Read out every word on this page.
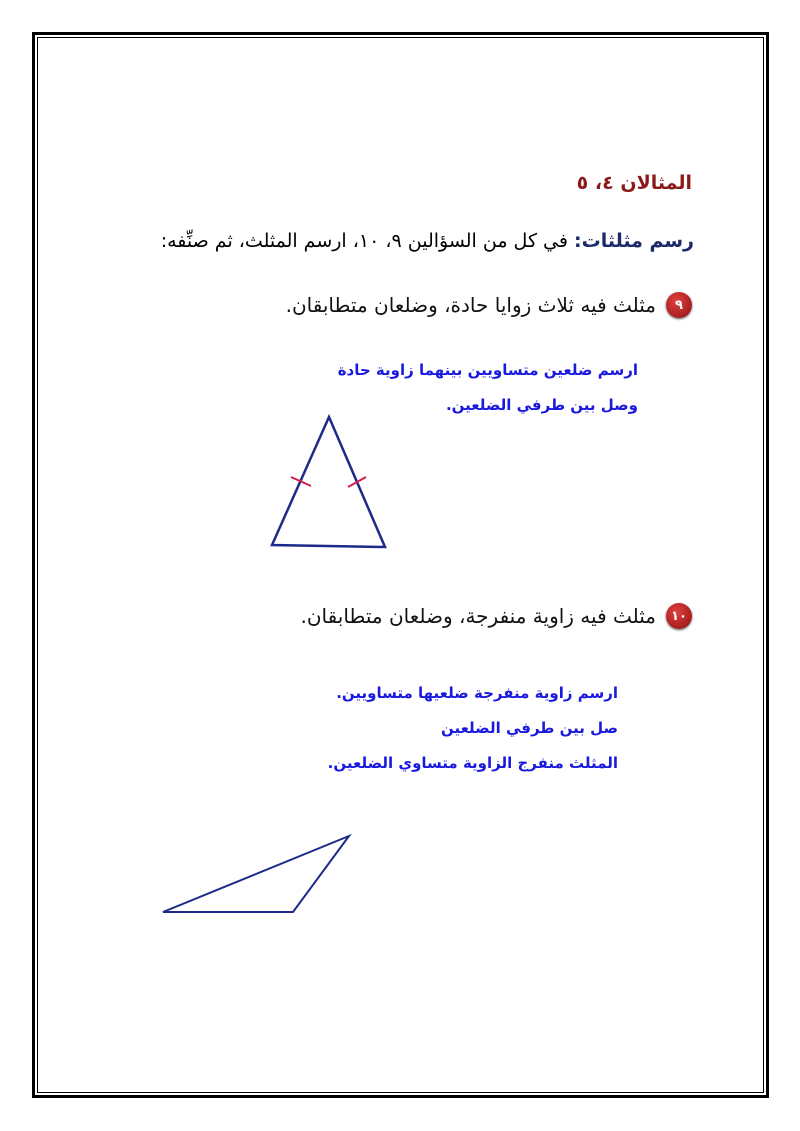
المثالان ٤، ٥
رسم مثلثات: في كل من السؤالين ٩، ١٠، ارسم المثلث، ثم صنِّفه:
٩
مثلث فيه ثلاث زوايا حادة، وضلعان متطابقان.
ارسم ضلعين متساويين بينهما زاوية حادة
وصل بين طرفي الضلعين.
١٠
مثلث فيه زاوية منفرجة، وضلعان متطابقان.
ارسم زاوية منفرجة ضلعيها متساويين.
صل بين طرفي الضلعين
المثلث منفرج الزاوية متساوي الضلعين.
